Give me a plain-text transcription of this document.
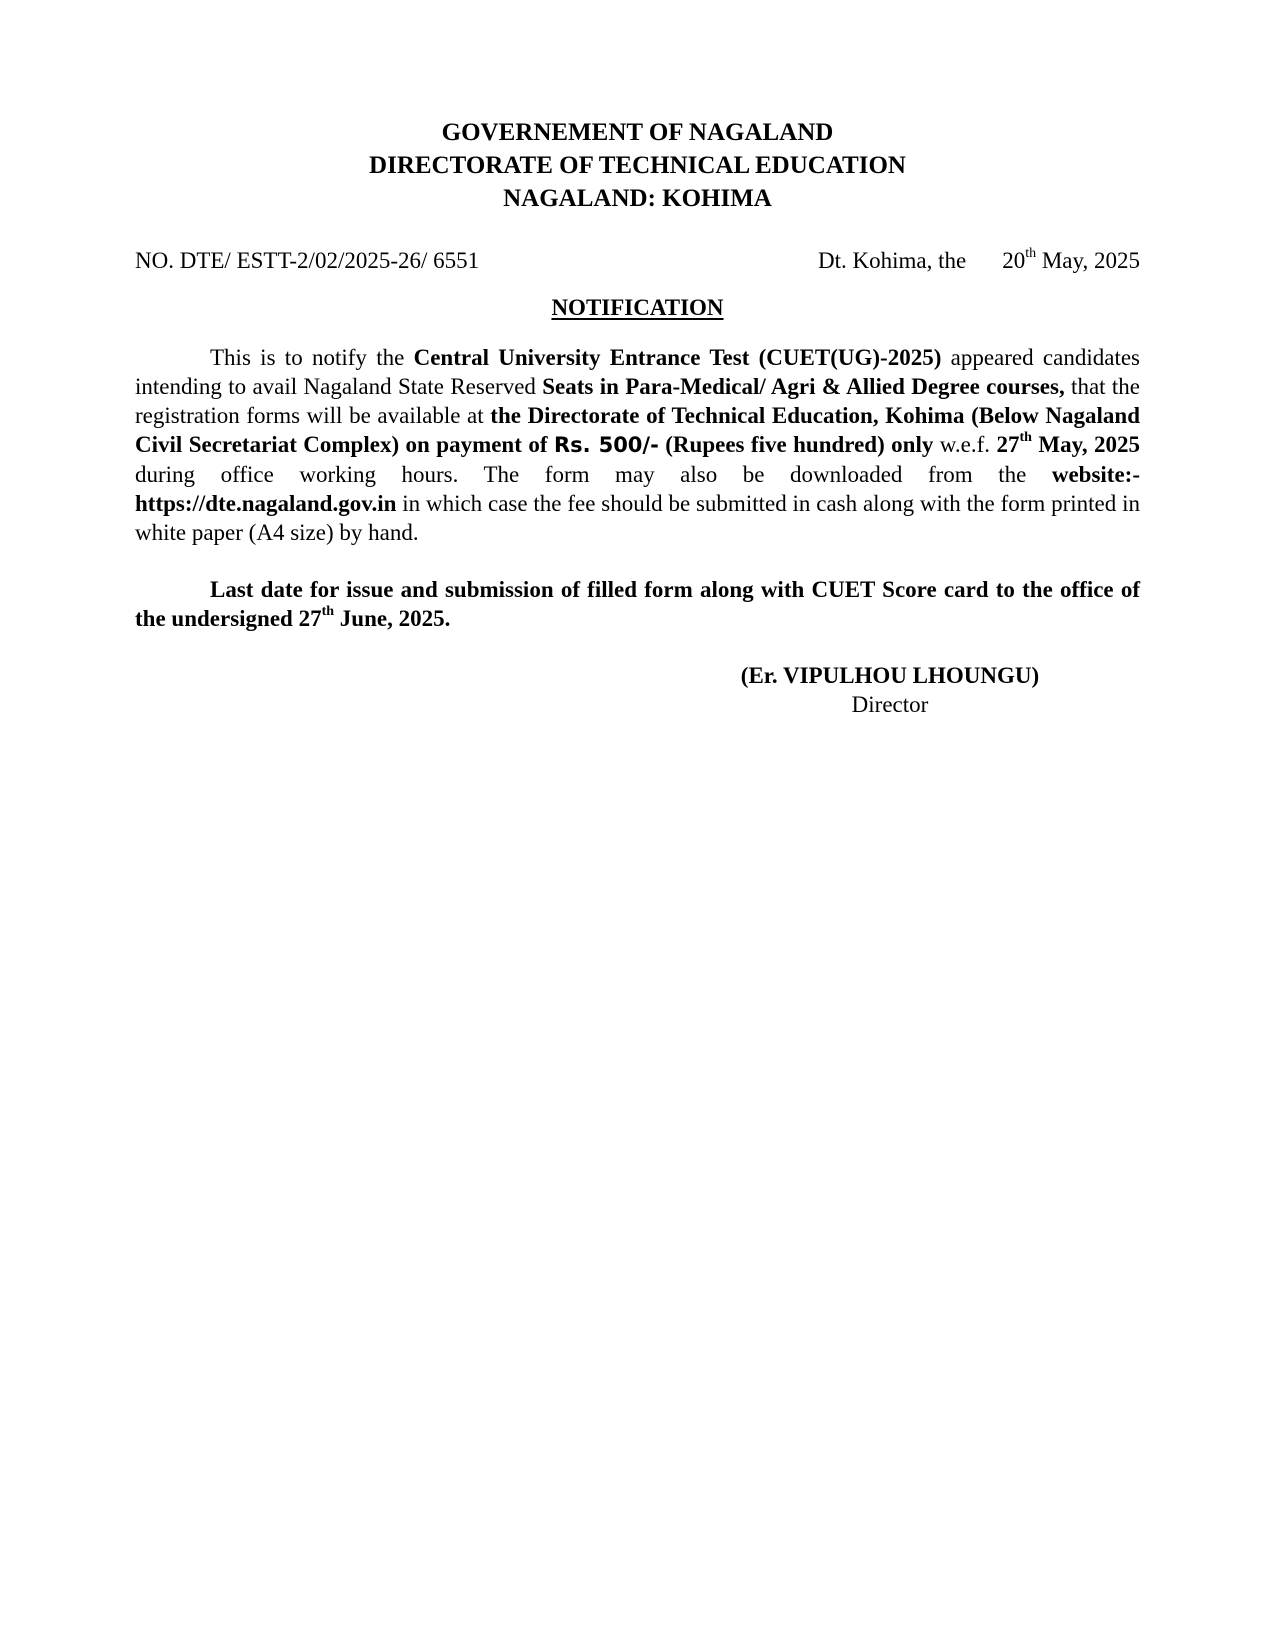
GOVERNEMENT OF NAGALAND
DIRECTORATE OF TECHNICAL EDUCATION
NAGALAND: KOHIMA
NO. DTE/ ESTT-2/02/2025-26/ 6551	Dt. Kohima, the 20th May, 2025
NOTIFICATION
This is to notify the Central University Entrance Test (CUET(UG)-2025) appeared candidates intending to avail Nagaland State Reserved Seats in Para-Medical/ Agri & Allied Degree courses, that the registration forms will be available at the Directorate of Technical Education, Kohima (Below Nagaland Civil Secretariat Complex) on payment of Rs. 500/- (Rupees five hundred) only w.e.f. 27th May, 2025 during office working hours. The form may also be downloaded from the website:- https://dte.nagaland.gov.in in which case the fee should be submitted in cash along with the form printed in white paper (A4 size) by hand.
Last date for issue and submission of filled form along with CUET Score card to the office of the undersigned 27th June, 2025.
(Er. VIPULHOU LHOUNGU)
Director
